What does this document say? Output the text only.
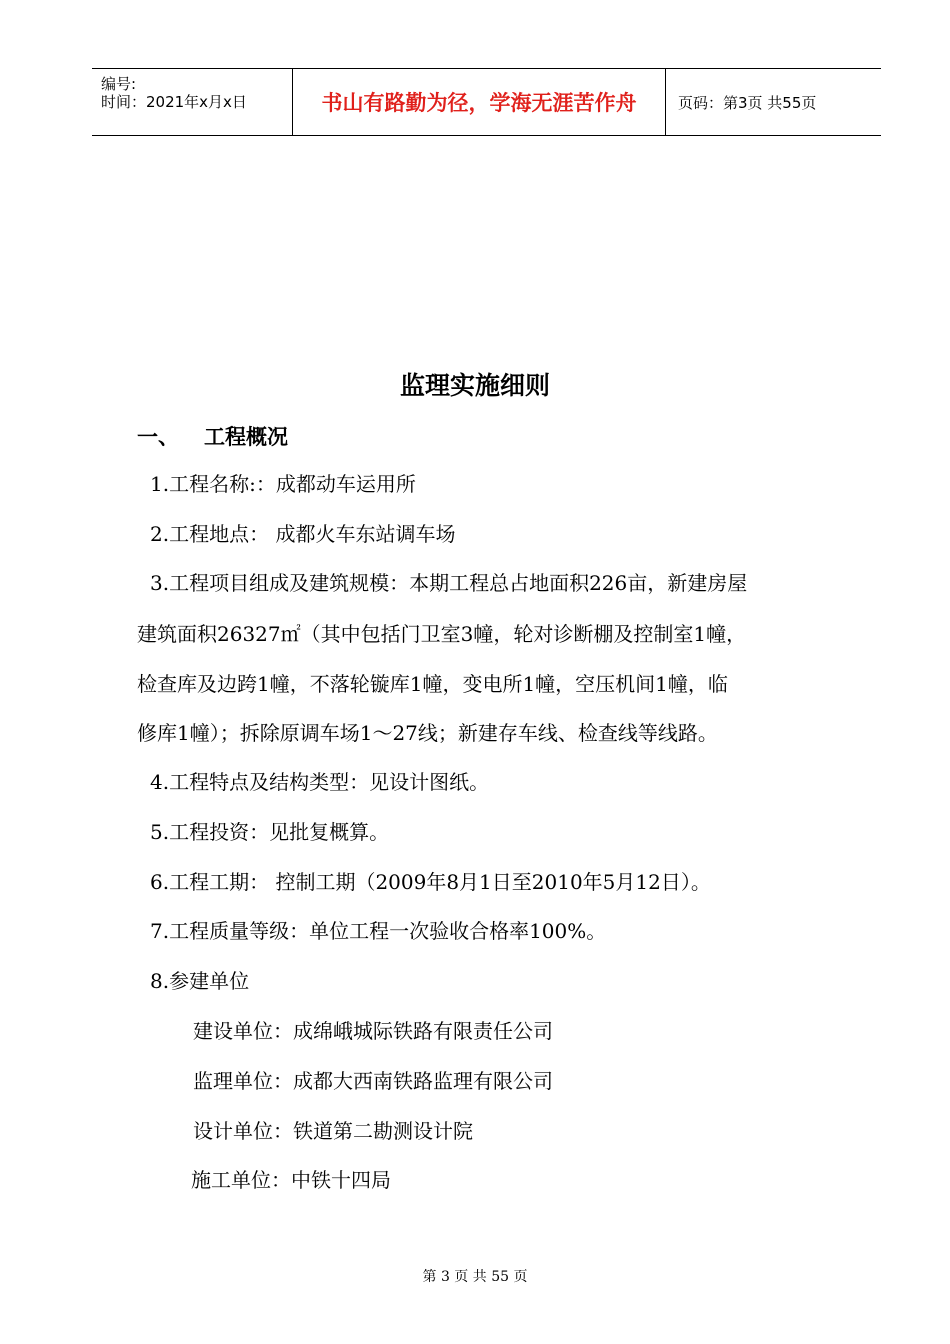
编号:
时间：2021年x月x日	书山有路勤为径，学海无涯苦作舟	页码：第3页 共55页
监理实施细则
一、 工程概况
1.工程名称:：成都动车运用所
2.工程地点： 成都火车东站调车场
3.工程项目组成及建筑规模：本期工程总占地面积226亩，新建房屋
建筑面积26327㎡（其中包括门卫室3幢，轮对诊断棚及控制室1幢，
检查库及边跨1幢，不落轮镟库1幢，变电所1幢，空压机间1幢，临
修库1幢）；拆除原调车场1～27线；新建存车线、检查线等线路。
4.工程特点及结构类型：见设计图纸。
5.工程投资：见批复概算。
6.工程工期： 控制工期（2009年8月1日至2010年5月12日）。
7.工程质量等级：单位工程一次验收合格率100%。
8.参建单位
建设单位：成绵峨城际铁路有限责任公司
监理单位：成都大西南铁路监理有限公司
设计单位：铁道第二勘测设计院
施工单位：中铁十四局
第 3 页 共 55 页
